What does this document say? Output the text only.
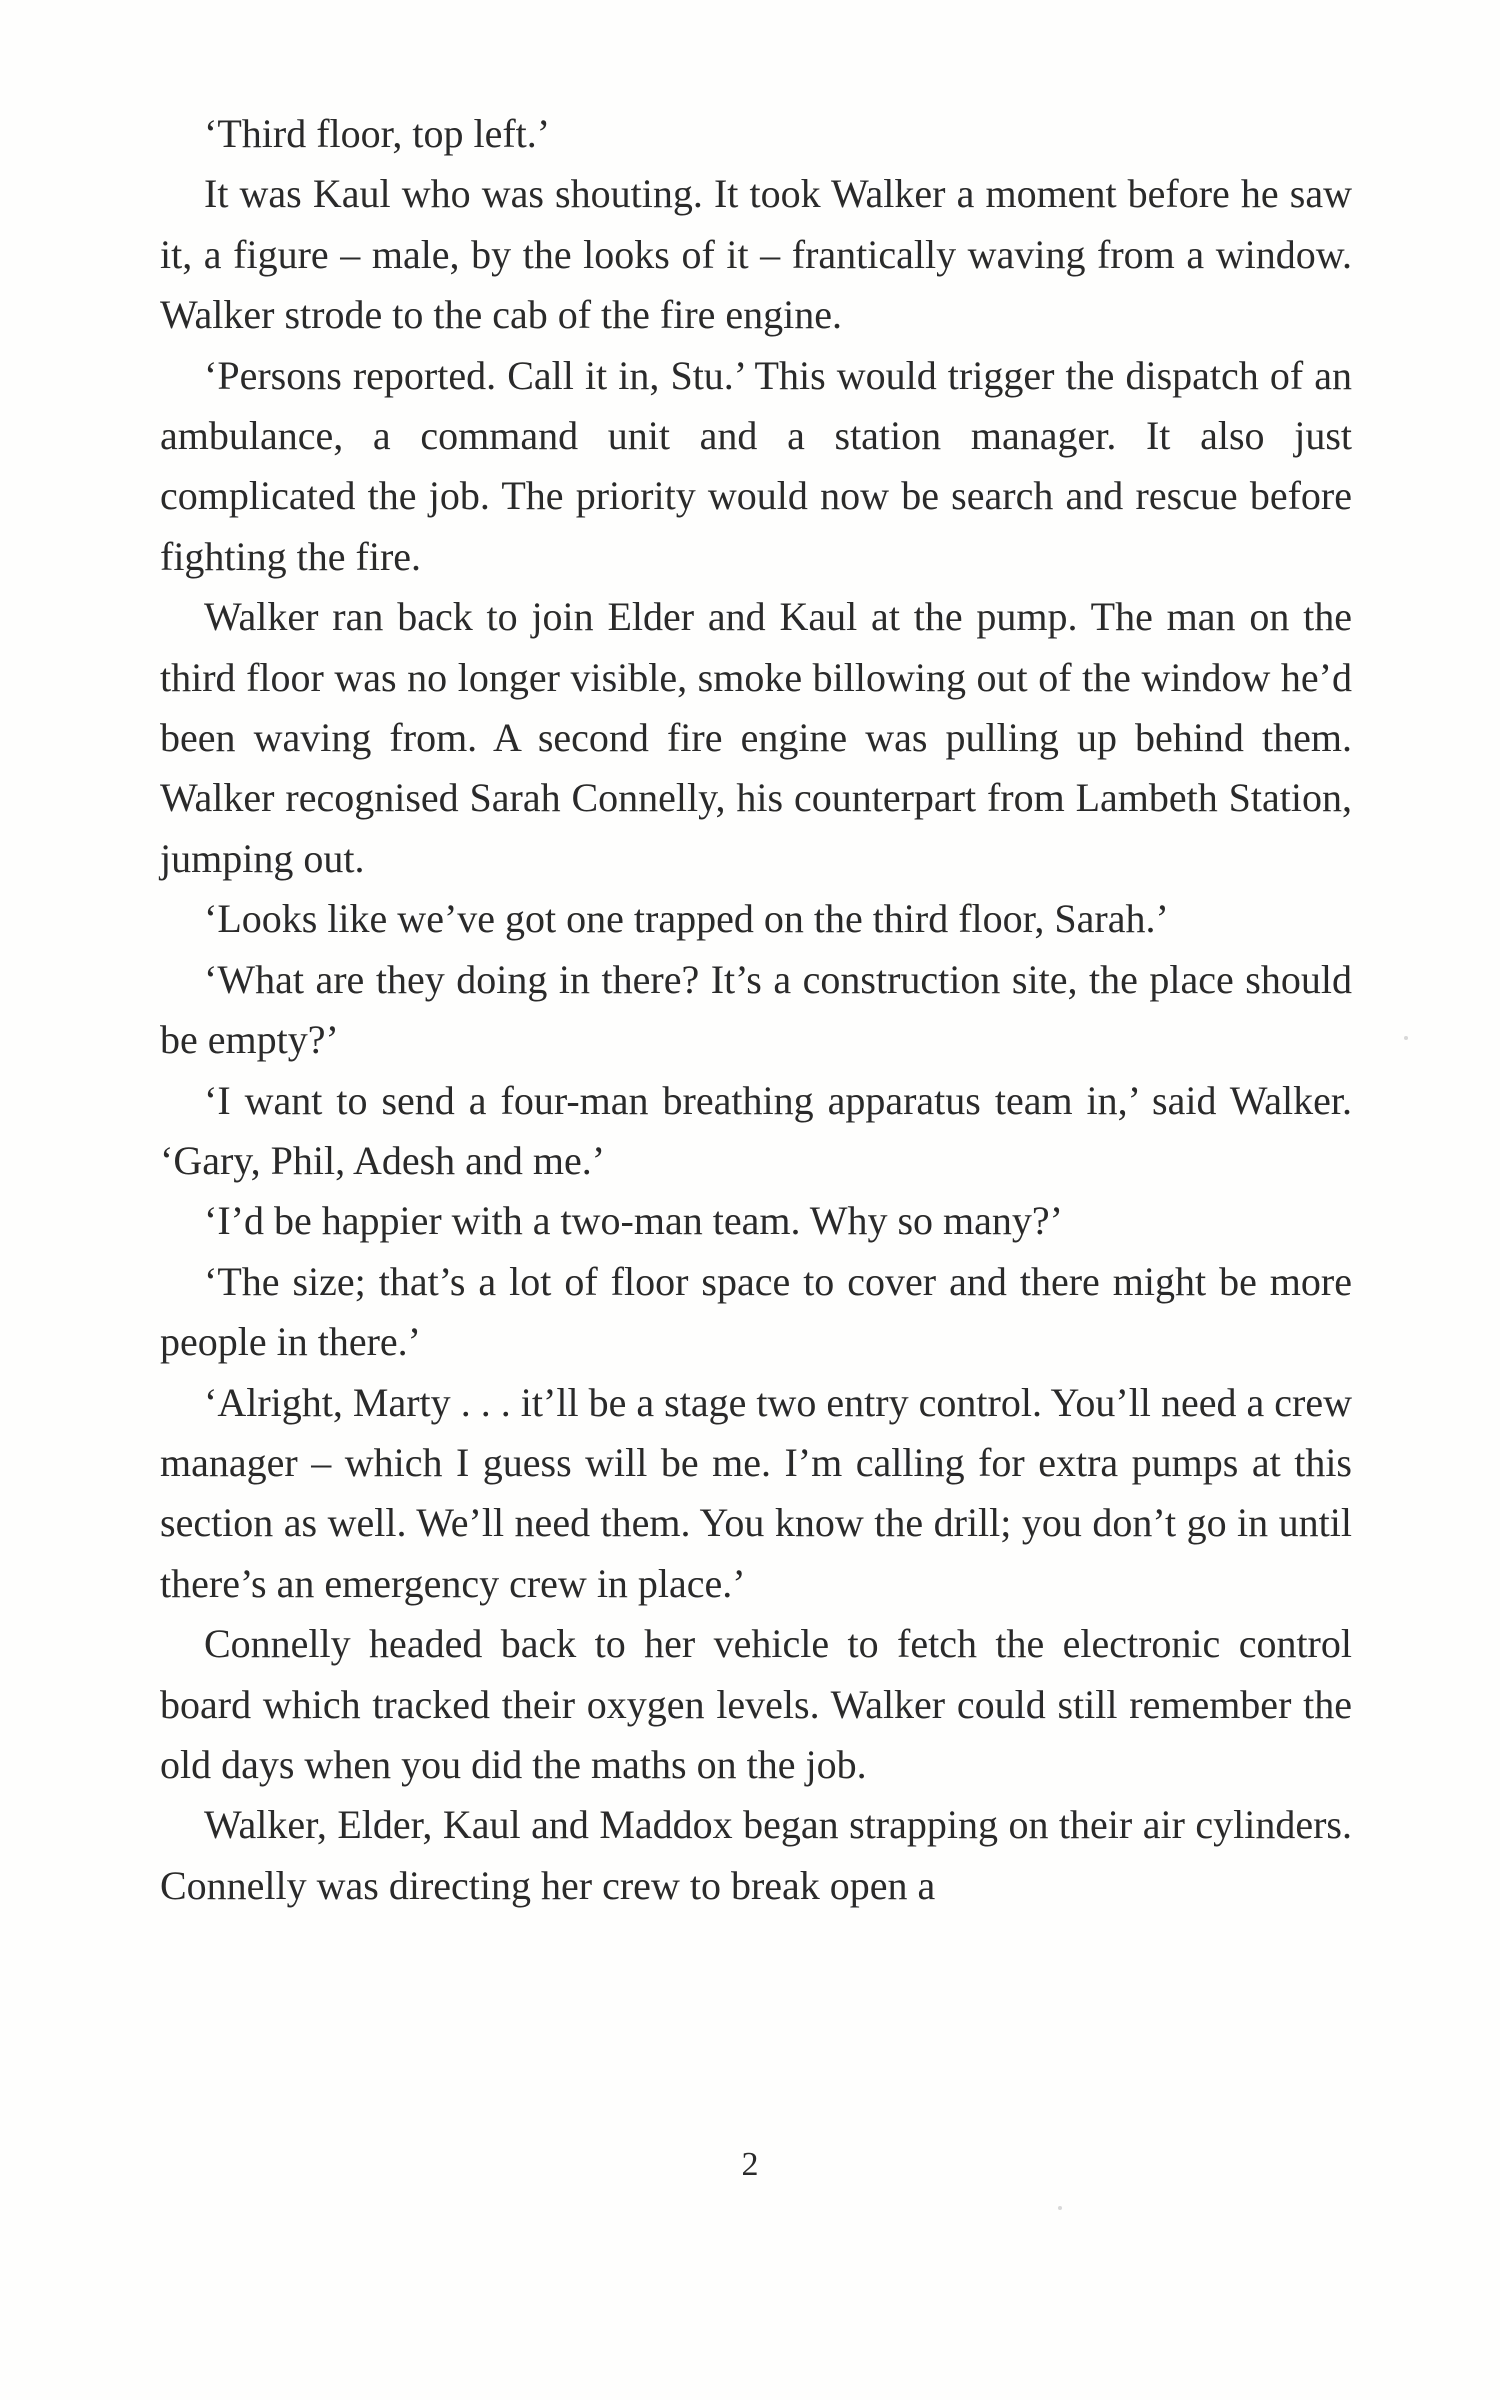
‘Third floor, top left.’

It was Kaul who was shouting. It took Walker a moment before he saw it, a figure – male, by the looks of it – frantically waving from a window. Walker strode to the cab of the fire engine.

‘Persons reported. Call it in, Stu.’ This would trigger the dispatch of an ambulance, a command unit and a station manager. It also just complicated the job. The priority would now be search and rescue before fighting the fire.

Walker ran back to join Elder and Kaul at the pump. The man on the third floor was no longer visible, smoke billowing out of the window he’d been waving from. A second fire engine was pulling up behind them. Walker recognised Sarah Connelly, his counterpart from Lambeth Station, jumping out.

‘Looks like we’ve got one trapped on the third floor, Sarah.’

‘What are they doing in there? It’s a construction site, the place should be empty?’

‘I want to send a four-man breathing apparatus team in,’ said Walker. ‘Gary, Phil, Adesh and me.’

‘I’d be happier with a two-man team. Why so many?’

‘The size; that’s a lot of floor space to cover and there might be more people in there.’

‘Alright, Marty . . . it’ll be a stage two entry control. You’ll need a crew manager – which I guess will be me. I’m calling for extra pumps at this section as well. We’ll need them. You know the drill; you don’t go in until there’s an emergency crew in place.’

Connelly headed back to her vehicle to fetch the electronic control board which tracked their oxygen levels. Walker could still remember the old days when you did the maths on the job.

Walker, Elder, Kaul and Maddox began strapping on their air cylinders. Connelly was directing her crew to break open a

2
